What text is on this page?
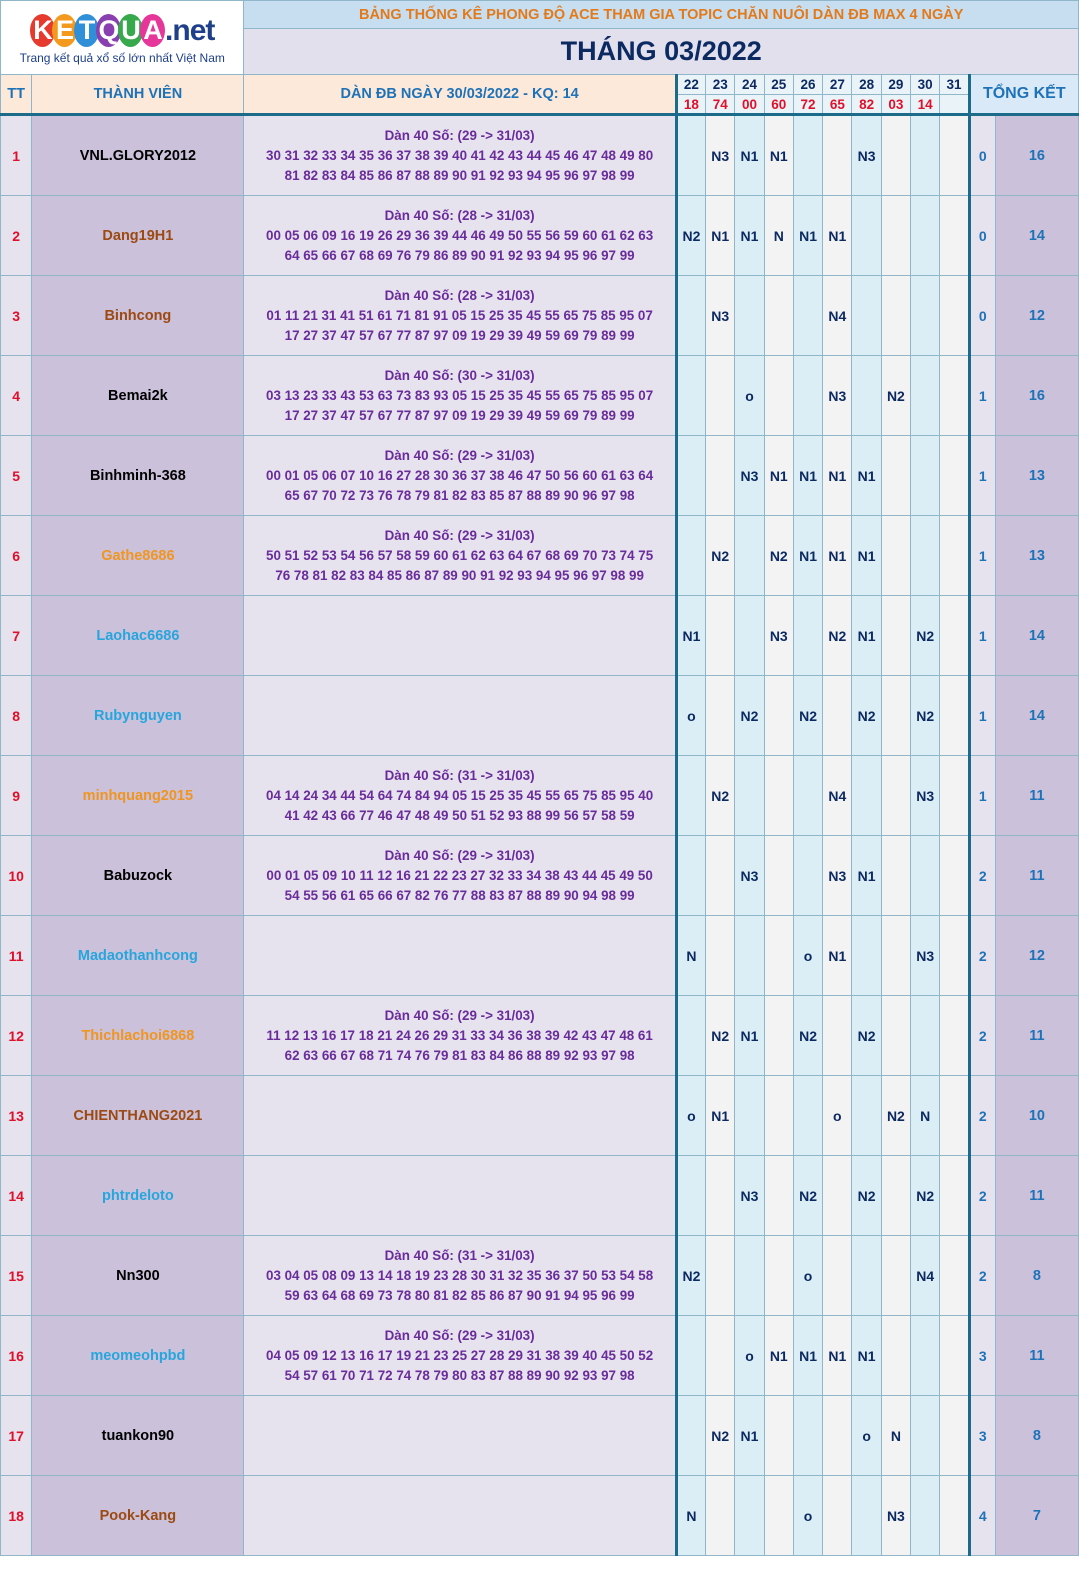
K E T Q U A .net
Trang kết quả xổ số lớn nhất Việt Nam		BẢNG THỐNG KÊ PHONG ĐỘ ACE THAM GIA TOPIC CHĂN NUÔI DÀN ĐB MAX 4 NGÀY												
		THÁNG 03/2022												
TT	THÀNH VIÊN	DÀN ĐB NGÀY 30/03/2022 - KQ: 14	22	23	24	25	26	27	28	29	30	31	TỔNG KẾT	
			18	74	00	60	72	65	82	03	14			
1	VNL.GLORY2012	Dàn 40 Số: (29 -> 31/03)
30 31 32 33 34 35 36 37 38 39 40 41 42 43 44 45 46 47 48 49 80
81 82 83 84 85 86 87 88 89 90 91 92 93 94 95 96 97 98 99		N3	N1	N1			N3				0	16
2	Dang19H1	Dàn 40 Số: (28 -> 31/03)
00 05 06 09 16 19 26 29 36 39 44 46 49 50 55 56 59 60 61 62 63
64 65 66 67 68 69 76 79 86 89 90 91 92 93 94 95 96 97 99	N2	N1	N1	N	N1	N1					0	14
3	Binhcong	Dàn 40 Số: (28 -> 31/03)
01 11 21 31 41 51 61 71 81 91 05 15 25 35 45 55 65 75 85 95 07
17 27 37 47 57 67 77 87 97 09 19 29 39 49 59 69 79 89 99		N3				N4					0	12
4	Bemai2k	Dàn 40 Số: (30 -> 31/03)
03 13 23 33 43 53 63 73 83 93 05 15 25 35 45 55 65 75 85 95 07
17 27 37 47 57 67 77 87 97 09 19 29 39 49 59 69 79 89 99			o			N3		N2			1	16
5	Binhminh-368	Dàn 40 Số: (29 -> 31/03)
00 01 05 06 07 10 16 27 28 30 36 37 38 46 47 50 56 60 61 63 64
65 67 70 72 73 76 78 79 81 82 83 85 87 88 89 90 96 97 98			N3	N1	N1	N1	N1				1	13
6	Gathe8686	Dàn 40 Số: (29 -> 31/03)
50 51 52 53 54 56 57 58 59 60 61 62 63 64 67 68 69 70 73 74 75
76 78 81 82 83 84 85 86 87 89 90 91 92 93 94 95 96 97 98 99		N2		N2	N1	N1	N1				1	13
7	Laohac6686		N1			N3		N2	N1		N2		1	14
8	Rubynguyen		o		N2		N2		N2		N2		1	14
9	minhquang2015	Dàn 40 Số: (31 -> 31/03)
04 14 24 34 44 54 64 74 84 94 05 15 25 35 45 55 65 75 85 95 40
41 42 43 66 77 46 47 48 49 50 51 52 93 88 99 56 57 58 59		N2				N4			N3		1	11
10	Babuzock	Dàn 40 Số: (29 -> 31/03)
00 01 05 09 10 11 12 16 21 22 23 27 32 33 34 38 43 44 45 49 50
54 55 56 61 65 66 67 82 76 77 88 83 87 88 89 90 94 98 99			N3			N3	N1				2	11
11	Madaothanhcong		N				o	N1			N3		2	12
12	Thichlachoi6868	Dàn 40 Số: (29 -> 31/03)
11 12 13 16 17 18 21 24 26 29 31 33 34 36 38 39 42 43 47 48 61
62 63 66 67 68 71 74 76 79 81 83 84 86 88 89 92 93 97 98		N2	N1		N2		N2				2	11
13	CHIENTHANG2021		o	N1				o		N2	N		2	10
14	phtrdeloto				N3		N2		N2		N2		2	11
15	Nn300	Dàn 40 Số: (31 -> 31/03)
03 04 05 08 09 13 14 18 19 23 28 30 31 32 35 36 37 50 53 54 58
59 63 64 68 69 73 78 80 81 82 85 86 87 90 91 94 95 96 99	N2				o				N4		2	8
16	meomeohpbd	Dàn 40 Số: (29 -> 31/03)
04 05 09 12 13 16 17 19 21 23 25 27 28 29 31 38 39 40 45 50 52
54 57 61 70 71 72 74 78 79 80 83 87 88 89 90 92 93 97 98			o	N1	N1	N1	N1				3	11
17	tuankon90			N2	N1				o	N			3	8
18	Pook-Kang		N				o			N3			4	7
